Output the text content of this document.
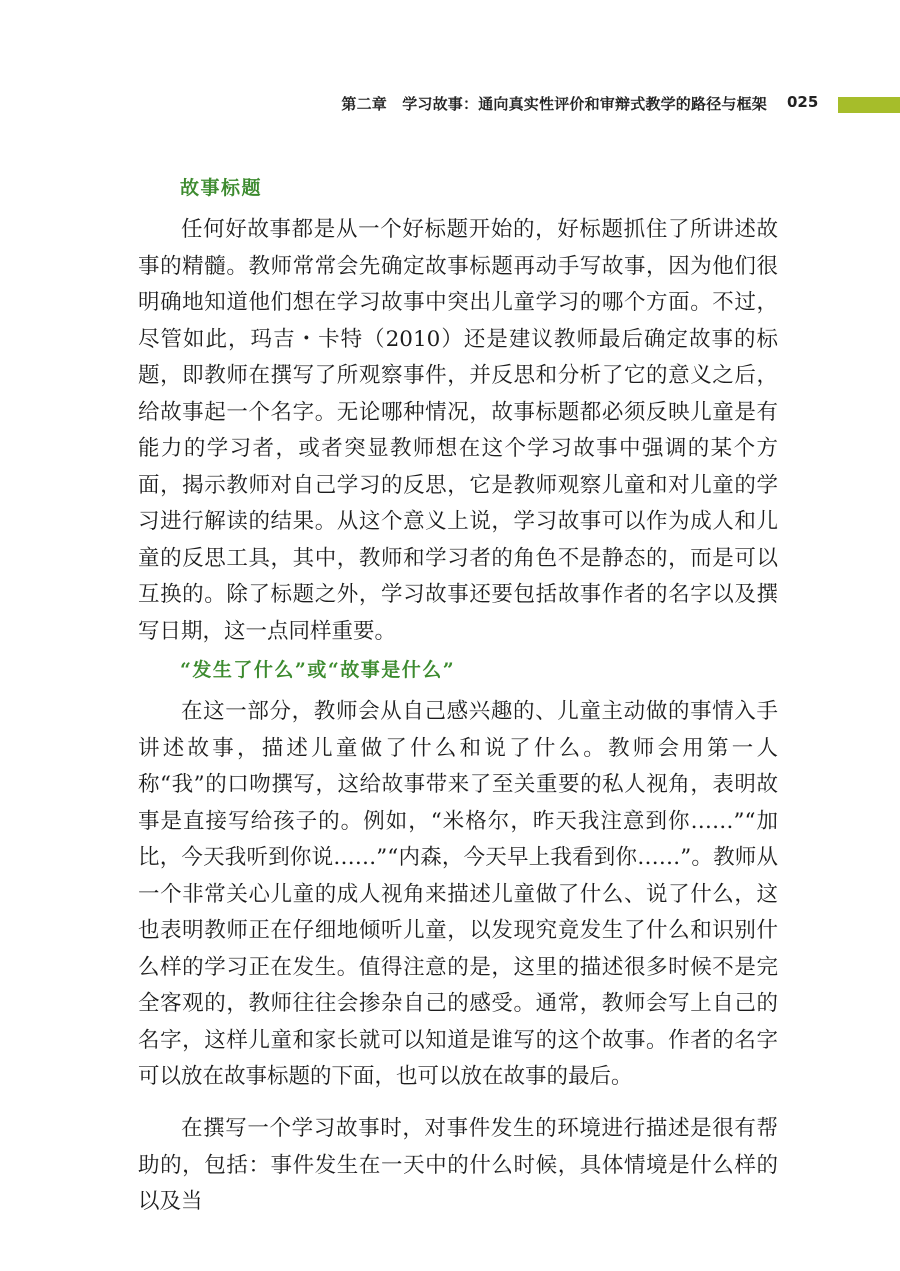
第二章　学习故事：通向真实性评价和审辩式教学的路径与框架 025
故事标题

任何好故事都是从一个好标题开始的，好标题抓住了所讲述故事的精髓。教师常常会先确定故事标题再动手写故事，因为他们很明确地知道他们想在学习故事中突出儿童学习的哪个方面。不过，尽管如此，玛吉・卡特（2010）还是建议教师最后确定故事的标题，即教师在撰写了所观察事件，并反思和分析了它的意义之后，给故事起一个名字。无论哪种情况，故事标题都必须反映儿童是有能力的学习者，或者突显教师想在这个学习故事中强调的某个方面，揭示教师对自己学习的反思，它是教师观察儿童和对儿童的学习进行解读的结果。从这个意义上说，学习故事可以作为成人和儿童的反思工具，其中，教师和学习者的角色不是静态的，而是可以互换的。除了标题之外，学习故事还要包括故事作者的名字以及撰写日期，这一点同样重要。

“发生了什么”或“故事是什么”

在这一部分，教师会从自己感兴趣的、儿童主动做的事情入手讲述故事，描述儿童做了什么和说了什么。教师会用第一人称“我”的口吻撰写，这给故事带来了至关重要的私人视角，表明故事是直接写给孩子的。例如，“米格尔，昨天我注意到你……”“加比，今天我听到你说……”“内森，今天早上我看到你……”。教师从一个非常关心儿童的成人视角来描述儿童做了什么、说了什么，这也表明教师正在仔细地倾听儿童，以发现究竟发生了什么和识别什么样的学习正在发生。值得注意的是，这里的描述很多时候不是完全客观的，教师往往会掺杂自己的感受。通常，教师会写上自己的名字，这样儿童和家长就可以知道是谁写的这个故事。作者的名字可以放在故事标题的下面，也可以放在故事的最后。

在撰写一个学习故事时，对事件发生的环境进行描述是很有帮助的，包括：事件发生在一天中的什么时候，具体情境是什么样的以及当
